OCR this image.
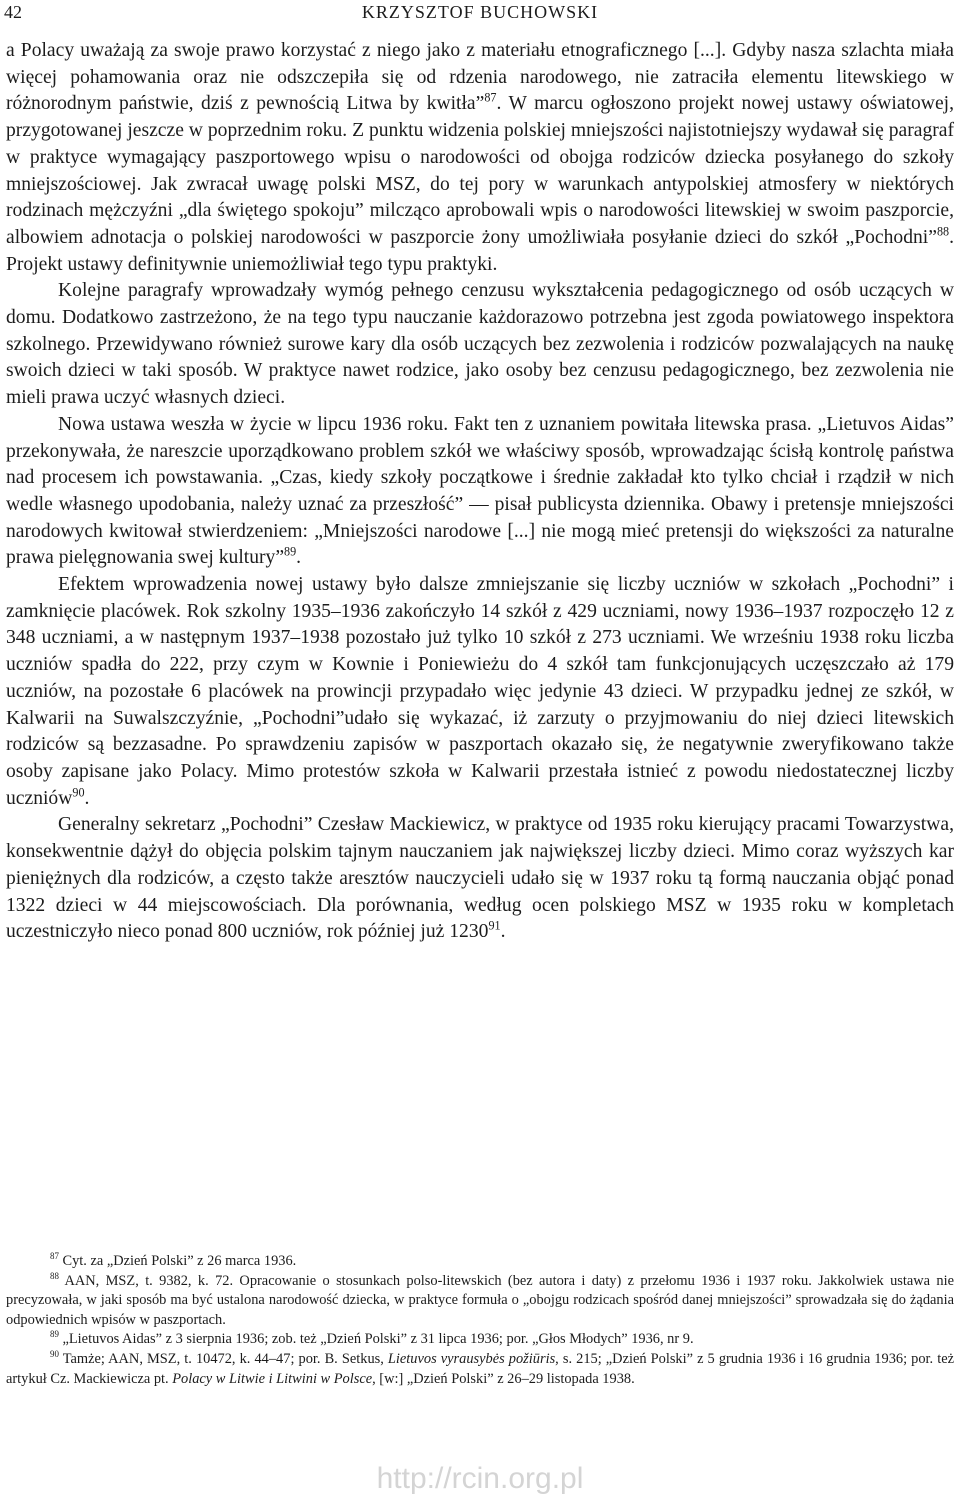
42	KRZYSZTOF BUCHOWSKI

a Polacy uważają za swoje prawo korzystać z niego jako z materiału etnograficznego [...]. Gdyby nasza szlachta miała więcej pohamowania oraz nie odszczepiła się od rdzenia narodowego, nie zatraciła elementu litewskiego w różnorodnym państwie, dziś z pewnością Litwa by kwitła”$^{87}$. W marcu ogłoszono projekt nowej ustawy oświatowej, przygotowanej jeszcze w poprzednim roku. Z punktu widzenia polskiej mniejszości najistotniejszy wydawał się paragraf w praktyce wymagający paszportowego wpisu o narodowości od obojga rodziców dziecka posyłanego do szkoły mniejszościowej. Jak zwracał uwagę polski MSZ, do tej pory w warunkach antypolskiej atmosfery w niektórych rodzinach mężczyźni „dla świętego spokoju” milcząco aprobowali wpis o narodowości litewskiej w swoim paszporcie, albowiem adnotacja o polskiej narodowości w paszporcie żony umożliwiała posyłanie dzieci do szkół „Pochodni”$^{88}$. Projekt ustawy definitywnie uniemożliwiał tego typu praktyki.

Kolejne paragrafy wprowadzały wymóg pełnego cenzusu wykształcenia pedagogicznego od osób uczących w domu. Dodatkowo zastrzeżono, że na tego typu nauczanie każdorazowo potrzebna jest zgoda powiatowego inspektora szkolnego. Przewidywano również surowe kary dla osób uczących bez zezwolenia i rodziców pozwalających na naukę swoich dzieci w taki sposób. W praktyce nawet rodzice, jako osoby bez cenzusu pedagogicznego, bez zezwolenia nie mieli prawa uczyć własnych dzieci.

Nowa ustawa weszła w życie w lipcu 1936 roku. Fakt ten z uznaniem powitała litewska prasa. „Lietuvos Aidas” przekonywała, że nareszcie uporządkowano problem szkół we właściwy sposób, wprowadzając ścisłą kontrolę państwa nad procesem ich powstawania. „Czas, kiedy szkoły początkowe i średnie zakładał kto tylko chciał i rządził w nich wedle własnego upodobania, należy uznać za przeszłość” — pisał publicysta dziennika. Obawy i pretensje mniejszości narodowych kwitował stwierdzeniem: „Mniejszości narodowe [...] nie mogą mieć pretensji do większości za naturalne prawa pielęgnowania swej kultury”$^{89}$.

Efektem wprowadzenia nowej ustawy było dalsze zmniejszanie się liczby uczniów w szkołach „Pochodni” i zamknięcie placówek. Rok szkolny 1935–1936 zakończyło 14 szkół z 429 uczniami, nowy 1936–1937 rozpoczęło 12 z 348 uczniami, a w następnym 1937–1938 pozostało już tylko 10 szkół z 273 uczniami. We wrześniu 1938 roku liczba uczniów spadła do 222, przy czym w Kownie i Poniewieżu do 4 szkół tam funkcjonujących uczęszczało aż 179 uczniów, na pozostałe 6 placówek na prowincji przypadało więc jedynie 43 dzieci. W przypadku jednej ze szkół, w Kalwarii na Suwalszczyźnie, „Pochodni”udało się wykazać, iż zarzuty o przyjmowaniu do niej dzieci litewskich rodziców są bezzasadne. Po sprawdzeniu zapisów w paszportach okazało się, że negatywnie zweryfikowano także osoby zapisane jako Polacy. Mimo protestów szkoła w Kalwarii przestała istnieć z powodu niedostatecznej liczby uczniów$^{90}$.

Generalny sekretarz „Pochodni” Czesław Mackiewicz, w praktyce od 1935 roku kierujący pracami Towarzystwa, konsekwentnie dążył do objęcia polskim tajnym nauczaniem jak największej liczby dzieci. Mimo coraz wyższych kar pieniężnych dla rodziców, a często także aresztów nauczycieli udało się w 1937 roku tą formą nauczania objąć ponad 1322 dzieci w 44 miejscowościach. Dla porównania, według ocen polskiego MSZ w 1935 roku w kompletach uczestniczyło nieco ponad 800 uczniów, rok później już 1230$^{91}$.

$^{87}$ Cyt. za „Dzień Polski” z 26 marca 1936.

$^{88}$ AAN, MSZ, t. 9382, k. 72. Opracowanie o stosunkach polso-litewskich (bez autora i daty) z przełomu 1936 i 1937 roku. Jakkolwiek ustawa nie precyzowała, w jaki sposób ma być ustalona narodowość dziecka, w praktyce formuła o „obojgu rodzicach spośród danej mniejszości” sprowadzała się do żądania odpowiednich wpisów w paszportach.

$^{89}$ „Lietuvos Aidas” z 3 sierpnia 1936; zob. też „Dzień Polski” z 31 lipca 1936; por. „Głos Młodych” 1936, nr 9.

$^{90}$ Tamże; AAN, MSZ, t. 10472, k. 44–47; por. B. Setkus, Lietuvos vyrausybės požiūris, s. 215; „Dzień Polski” z 5 grudnia 1936 i 16 grudnia 1936; por. też artykuł Cz. Mackiewicza pt. Polacy w Litwie i Litwini w Polsce, [w:] „Dzień Polski” z 26–29 listopada 1938.

http://rcin.org.pl
